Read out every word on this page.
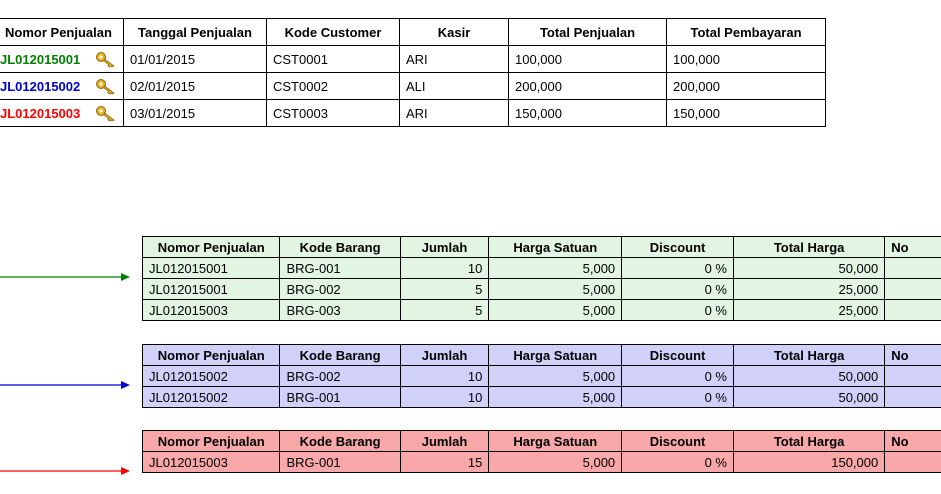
Nomor Penjualan	Tanggal Penjualan	Kode Customer	Kasir	Total Penjualan	Total Pembayaran
JL012015001	01/01/2015	CST0001	ARI	100,000	100,000
JL012015002	02/01/2015	CST0002	ALI	200,000	200,000
JL012015003	03/01/2015	CST0003	ARI	150,000	150,000
Nomor Penjualan	Kode Barang	Jumlah	Harga Satuan	Discount	Total Harga	No
JL012015001	BRG-001	10	5,000	0 %	50,000	
JL012015001	BRG-002	5	5,000	0 %	25,000	
JL012015003	BRG-003	5	5,000	0 %	25,000	
Nomor Penjualan	Kode Barang	Jumlah	Harga Satuan	Discount	Total Harga	No
JL012015002	BRG-002	10	5,000	0 %	50,000	
JL012015002	BRG-001	10	5,000	0 %	50,000	
Nomor Penjualan	Kode Barang	Jumlah	Harga Satuan	Discount	Total Harga	No
JL012015003	BRG-001	15	5,000	0 %	150,000	
